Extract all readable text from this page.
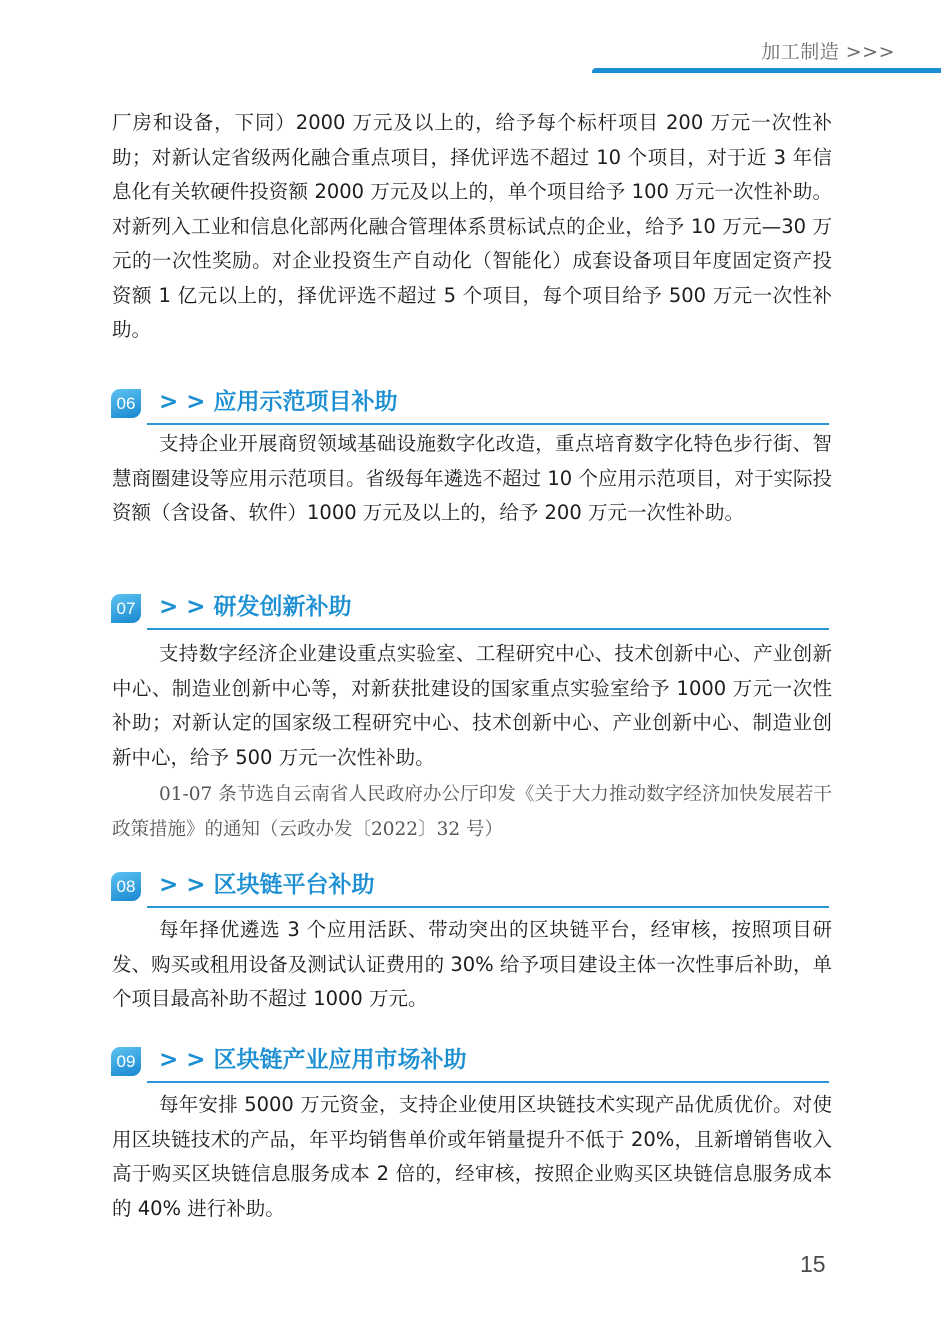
加工制造 >>>

厂房和设备，下同）2000 万元及以上的，给予每个标杆项目 200 万元一次性补助；对新认定省级两化融合重点项目，择优评选不超过 10 个项目，对于近 3 年信息化有关软硬件投资额 2000 万元及以上的，单个项目给予 100 万元一次性补助。对新列入工业和信息化部两化融合管理体系贯标试点的企业，给予 10 万元—30 万元的一次性奖励。对企业投资生产自动化（智能化）成套设备项目年度固定资产投资额 1 亿元以上的，择优评选不超过 5 个项目，每个项目给予 500 万元一次性补助。

06 > > 应用示范项目补助

支持企业开展商贸领域基础设施数字化改造，重点培育数字化特色步行街、智慧商圈建设等应用示范项目。省级每年遴选不超过 10 个应用示范项目，对于实际投资额（含设备、软件）1000 万元及以上的，给予 200 万元一次性补助。

07 > > 研发创新补助

支持数字经济企业建设重点实验室、工程研究中心、技术创新中心、产业创新中心、制造业创新中心等，对新获批建设的国家重点实验室给予 1000 万元一次性补助；对新认定的国家级工程研究中心、技术创新中心、产业创新中心、制造业创新中心，给予 500 万元一次性补助。

01-07 条节选自云南省人民政府办公厅印发《关于大力推动数字经济加快发展若干政策措施》的通知（云政办发〔2022〕32 号）

08 > > 区块链平台补助

每年择优遴选 3 个应用活跃、带动突出的区块链平台，经审核，按照项目研发、购买或租用设备及测试认证费用的 30% 给予项目建设主体一次性事后补助，单个项目最高补助不超过 1000 万元。

09 > > 区块链产业应用市场补助

每年安排 5000 万元资金，支持企业使用区块链技术实现产品优质优价。对使用区块链技术的产品，年平均销售单价或年销量提升不低于 20%，且新增销售收入高于购买区块链信息服务成本 2 倍的，经审核，按照企业购买区块链信息服务成本的 40% 进行补助。

15
